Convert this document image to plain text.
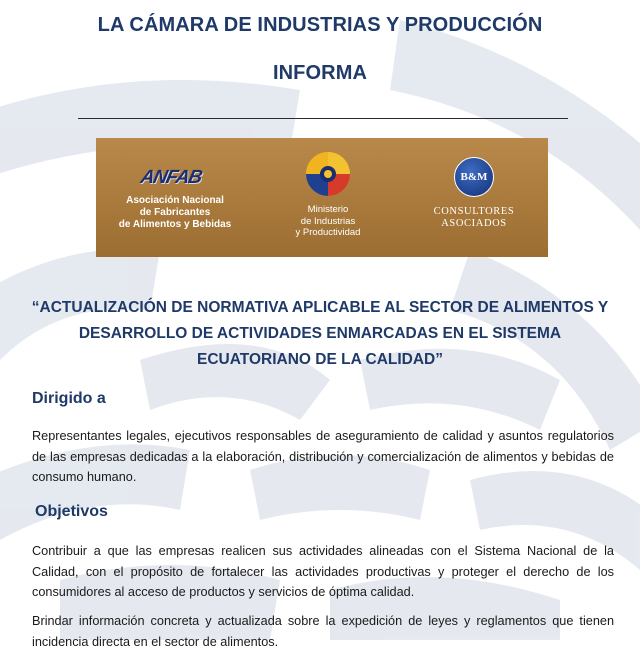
LA CÁMARA DE INDUSTRIAS Y PRODUCCIÓN
INFORMA
ANFAB
Asociación Nacional
de Fabricantes
de Alimentos y Bebidas
Ministerio
de Industrias
y Productividad
B&M
CONSULTORES
ASOCIADOS
“ACTUALIZACIÓN DE NORMATIVA APLICABLE AL SECTOR DE ALIMENTOS Y
DESARROLLO DE ACTIVIDADES ENMARCADAS EN EL SISTEMA
ECUATORIANO DE LA CALIDAD”
Dirigido a
Representantes legales, ejecutivos responsables de aseguramiento de calidad y asuntos regulatorios de las empresas dedicadas a la elaboración, distribución y comercialización de alimentos y bebidas de consumo humano.
Objetivos
Contribuir a que las empresas realicen sus actividades alineadas con el Sistema Nacional de la Calidad, con el propósito de fortalecer las actividades productivas y proteger el derecho de los consumidores al acceso de productos y servicios de óptima calidad.
Brindar información concreta y actualizada sobre la expedición de leyes y reglamentos que tienen incidencia directa en el sector de alimentos.
